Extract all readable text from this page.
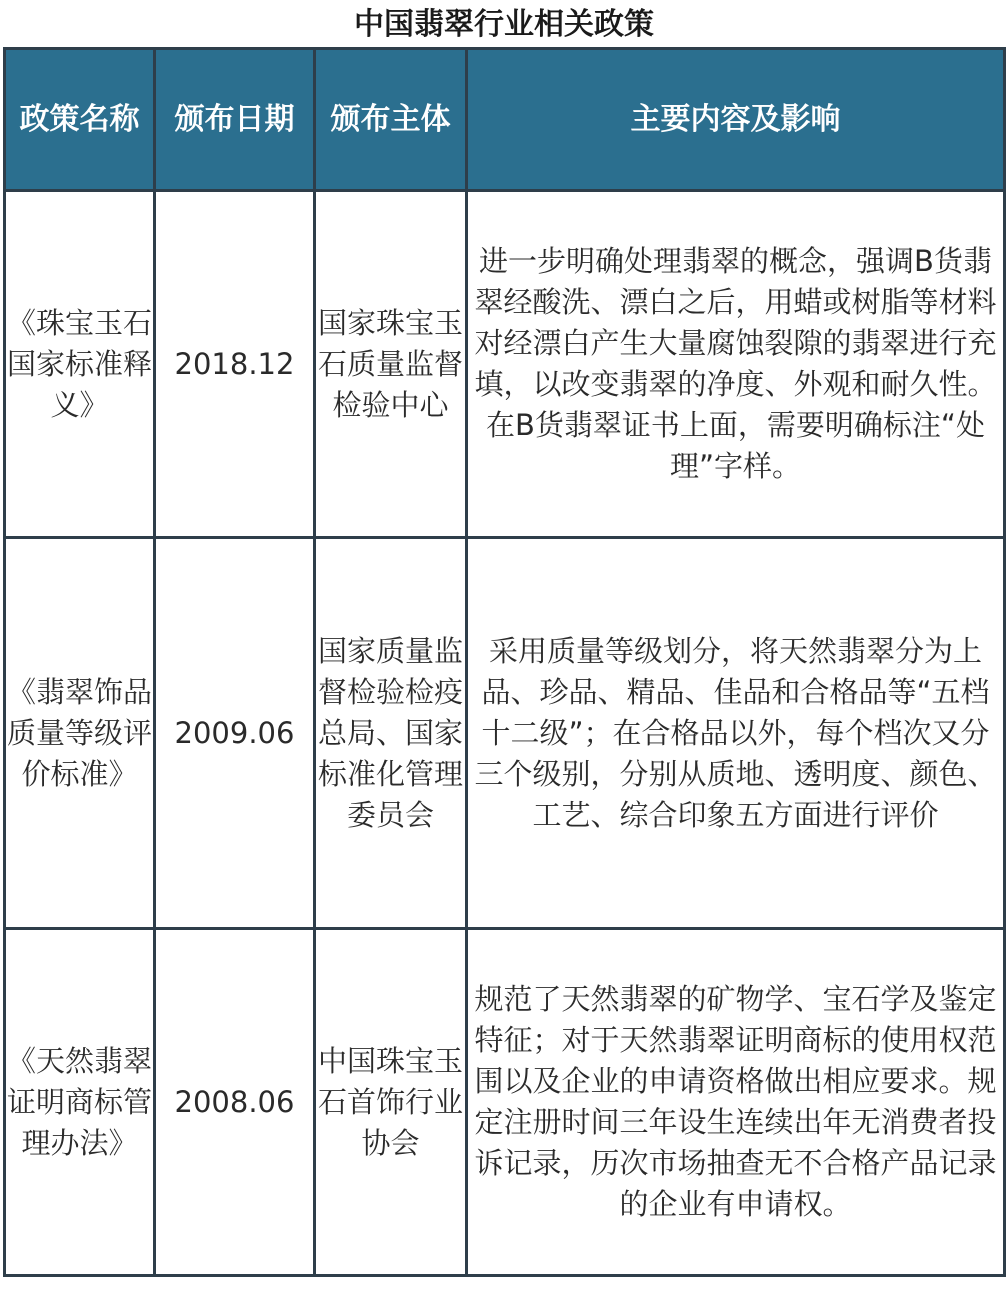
中国翡翠行业相关政策
政策名称	颁布日期	颁布主体	主要内容及影响
《珠宝玉石国家标准释义》	2018.12	国家珠宝玉石质量监督检验中心	进一步明确处理翡翠的概念，强调B货翡翠经酸洗、漂白之后，用蜡或树脂等材料对经漂白产生大量腐蚀裂隙的翡翠进行充填，以改变翡翠的净度、外观和耐久性。在B货翡翠证书上面，需要明确标注“处理”字样。
《翡翠饰品质量等级评价标准》	2009.06	国家质量监督检验检疫总局、国家标准化管理委员会	采用质量等级划分，将天然翡翠分为上品、珍品、精品、佳品和合格品等“五档十二级”；在合格品以外，每个档次又分三个级别，分别从质地、透明度、颜色、工艺、综合印象五方面进行评价
《天然翡翠证明商标管理办法》	2008.06	中国珠宝玉石首饰行业协会	规范了天然翡翠的矿物学、宝石学及鉴定特征；对于天然翡翠证明商标的使用权范围以及企业的申请资格做出相应要求。规定注册时间三年设生连续出年无消费者投诉记录，历次市场抽查无不合格产品记录的企业有申请权。
